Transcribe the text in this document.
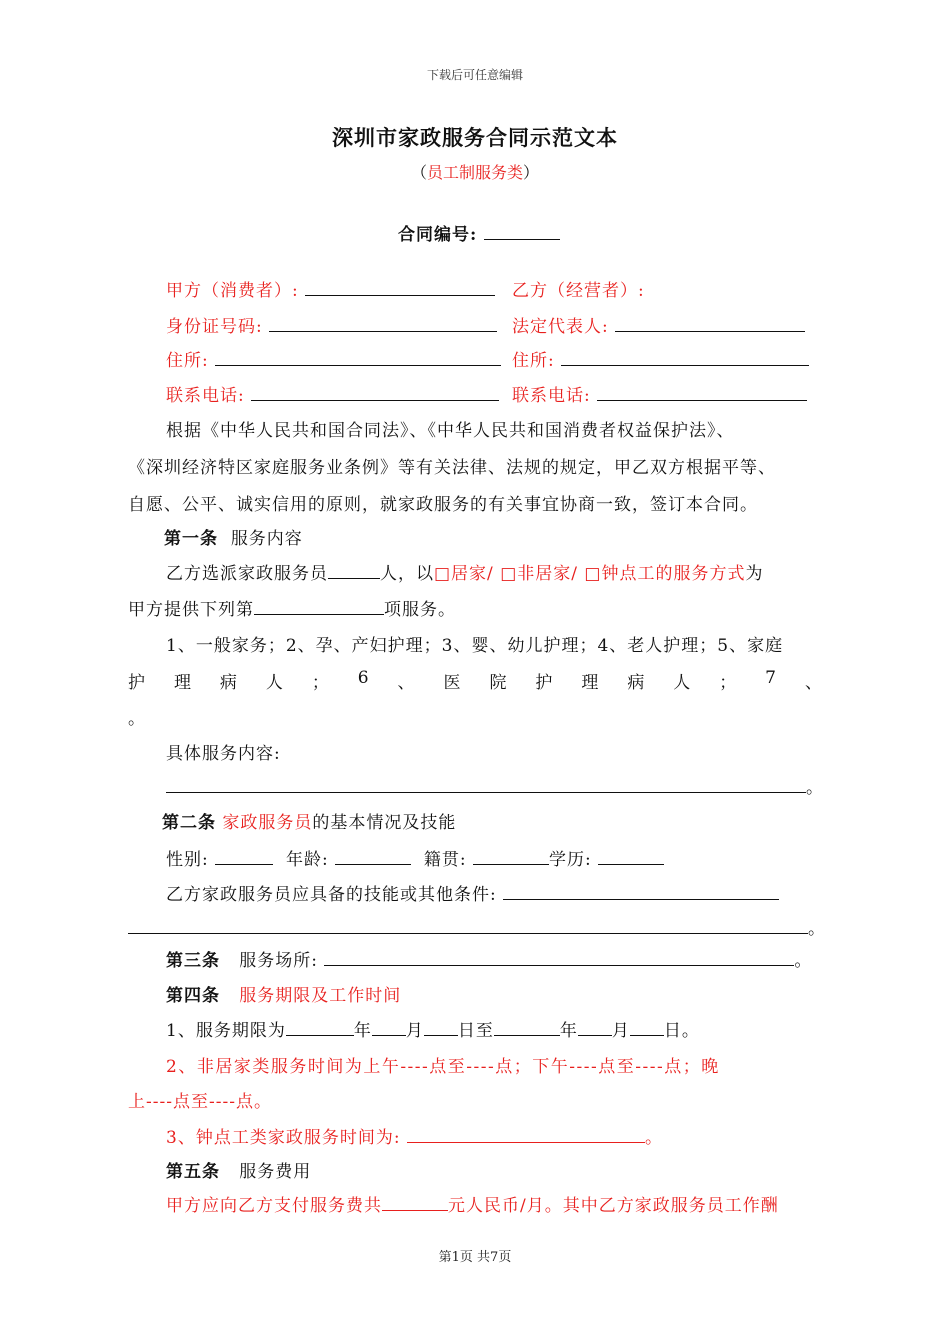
下载后可任意编辑
深圳市家政服务合同示范文本
（员工制服务类）
合同编号:
甲方（消费者）:	乙方（经营者）:
身份证号码:	法定代表人:
住所:	住所:
联系电话:	联系电话:
根据《中华人民共和国合同法》、《中华人民共和国消费者权益保护法》、
《深圳经济特区家庭服务业条例》等有关法律、法规的规定，甲乙双方根据平等、
自愿、公平、诚实信用的原则，就家政服务的有关事宜协商一致，签订本合同。
第一条 服务内容
乙方选派家政服务员	人，以□居家/ □非居家/ □钟点工的服务方式为
甲方提供下列第	项服务。
1、一般家务；2、孕、产妇护理；3、婴、幼儿护理；4、老人护理；5、家庭
护 理 病 人 ； 6 、 医 院 护 理 病 人 ； 7 、
。
具体服务内容:
。
第二条 家政服务员的基本情况及技能
性别:	年龄:	籍贯:	学历:
乙方家政服务员应具备的技能或其他条件:
。
第三条 服务场所:	。
第四条 服务期限及工作时间
1、服务期限为	年 月 日至	年 月 日。
2、非居家类服务时间为上午----点至----点；下午----点至----点；晚
上----点至----点。
3、钟点工类家政服务时间为:	。
第五条 服务费用
甲方应向乙方支付服务费共	元人民币/月。其中乙方家政服务员工作酬
第1页 共7页
